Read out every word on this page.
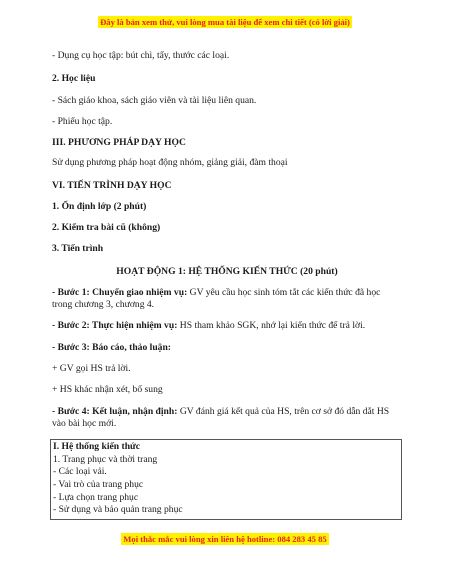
Đây là bản xem thử, vui lòng mua tài liệu để xem chi tiết (có lời giải)

- Dụng cụ học tập: bút chì, tẩy, thước các loại.

2. Học liệu

- Sách giáo khoa, sách giáo viên và tài liệu liên quan.

- Phiếu học tập.

III. PHƯƠNG PHÁP DẠY HỌC

Sử dụng phương pháp hoạt động nhóm, giảng giải, đàm thoại

VI. TIẾN TRÌNH DẠY HỌC

1. Ổn định lớp (2 phút)

2. Kiểm tra bài cũ (không)

3. Tiến trình

HOẠT ĐỘNG 1: HỆ THỐNG KIẾN THỨC (20 phút)

- Bước 1: Chuyển giao nhiệm vụ: GV yêu cầu học sinh tóm tắt các kiến thức đã học trong chương 3, chương 4.

- Bước 2: Thực hiện nhiệm vụ: HS tham khảo SGK, nhớ lại kiến thức để trả lời.

- Bước 3: Báo cáo, thảo luận:

+ GV gọi HS trả lời.

+ HS khác nhận xét, bổ sung

- Bước 4: Kết luận, nhận định: GV đánh giá kết quả của HS, trên cơ sở đó dẫn dắt HS vào bài học mới.

I. Hệ thống kiến thức

1. Trang phục và thời trang

- Các loại vải.

- Vai trò của trang phục

- Lựa chọn trang phục

- Sử dụng và bảo quản trang phục

Mọi thắc mắc vui lòng xin liên hệ hotline: 084 283 45 85
